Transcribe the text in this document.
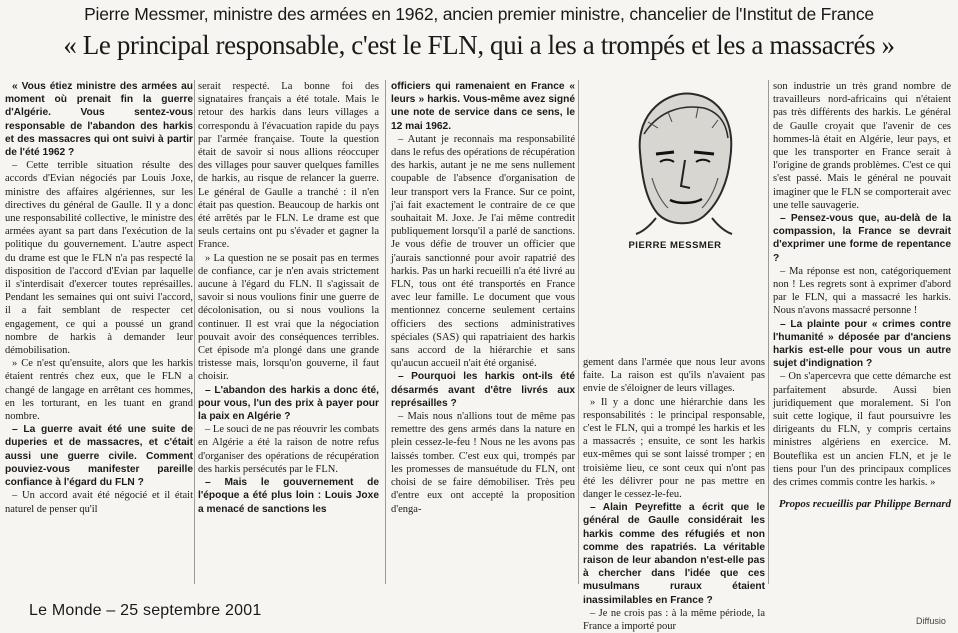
Pierre Messmer, ministre des armées en 1962, ancien premier ministre, chancelier de l'Institut de France
« Le principal responsable, c'est le FLN, qui a les a trompés et les a massacrés »

« Vous étiez ministre des armées au moment où prenait fin la guerre d'Algérie. Vous sentez-vous responsable de l'abandon des harkis et des massacres qui ont suivi à partir de l'été 1962 ?

– Cette terrible situation résulte des accords d'Evian négociés par Louis Joxe, ministre des affaires algériennes, sur les directives du général de Gaulle. Il y a donc une responsabilité collective, le ministre des armées ayant sa part dans l'exécution de la politique du gouvernement. L'autre aspect du drame est que le FLN n'a pas respecté la disposition de l'accord d'Evian par laquelle il s'interdisait d'exercer toutes représailles. Pendant les semaines qui ont suivi l'accord, il a fait semblant de respecter cet engagement, ce qui a poussé un grand nombre de harkis à demander leur démobilisation.

» Ce n'est qu'ensuite, alors que les harkis étaient rentrés chez eux, que le FLN a changé de langage en arrêtant ces hommes, en les torturant, en les tuant en grand nombre.

– La guerre avait été une suite de duperies et de massacres, et c'était aussi une guerre civile. Comment pouviez-vous manifester pareille confiance à l'égard du FLN ?

– Un accord avait été négocié et il était naturel de penser qu'il

serait respecté. La bonne foi des signataires français a été totale. Mais le retour des harkis dans leurs villages a correspondu à l'évacuation rapide du pays par l'armée française. Toute la question était de savoir si nous allions réoccuper des villages pour sauver quelques familles de harkis, au risque de relancer la guerre. Le général de Gaulle a tranché : il n'en était pas question. Beaucoup de harkis ont été arrêtés par le FLN. Le drame est que seuls certains ont pu s'évader et gagner la France.

» La question ne se posait pas en termes de confiance, car je n'en avais strictement aucune à l'égard du FLN. Il s'agissait de savoir si nous voulions finir une guerre de décolonisation, ou si nous voulions la continuer. Il est vrai que la négociation pouvait avoir des conséquences terribles. Cet épisode m'a plongé dans une grande tristesse mais, lorsqu'on gouverne, il faut choisir.

– L'abandon des harkis a donc été, pour vous, l'un des prix à payer pour la paix en Algérie ?

– Le souci de ne pas réouvrir les combats en Algérie a été la raison de notre refus d'organiser des opérations de récupération des harkis persécutés par le FLN.

– Mais le gouvernement de l'époque a été plus loin : Louis Joxe a menacé de sanctions les

officiers qui ramenaient en France « leurs » harkis. Vous-même avez signé une note de service dans ce sens, le 12 mai 1962.

– Autant je reconnais ma responsabilité dans le refus des opérations de récupération des harkis, autant je ne me sens nullement coupable de l'absence d'organisation de leur transport vers la France. Sur ce point, j'ai fait exactement le contraire de ce que souhaitait M. Joxe. Je l'ai même contredit publiquement lorsqu'il a parlé de sanctions. Je vous défie de trouver un officier que j'aurais sanctionné pour avoir rapatrié des harkis. Pas un harki recueilli n'a été livré au FLN, tous ont été transportés en France avec leur famille. Le document que vous mentionnez concerne seulement certains officiers des sections administratives spéciales (SAS) qui rapatriaient des harkis sans accord de la hiérarchie et sans qu'aucun accueil n'ait été organisé.

– Pourquoi les harkis ont-ils été désarmés avant d'être livrés aux représailles ?

– Mais nous n'allions tout de même pas remettre des gens armés dans la nature en plein cessez-le-feu ! Nous ne les avons pas laissés tomber. C'est eux qui, trompés par les promesses de mansuétude du FLN, ont choisi de se faire démobiliser. Très peu d'entre eux ont accepté la proposition d'enga-

PIERRE MESSMER

gement dans l'armée que nous leur avons faite. La raison est qu'ils n'avaient pas envie de s'éloigner de leurs villages.

» Il y a donc une hiérarchie dans les responsabilités : le principal responsable, c'est le FLN, qui a trompé les harkis et les a massacrés ; ensuite, ce sont les harkis eux-mêmes qui se sont laissé tromper ; en troisième lieu, ce sont ceux qui n'ont pas été les délivrer pour ne pas mettre en danger le cessez-le-feu.

– Alain Peyrefitte a écrit que le général de Gaulle considérait les harkis comme des réfugiés et non comme des rapatriés. La véritable raison de leur abandon n'est-elle pas à chercher dans l'idée que ces musulmans ruraux étaient inassimilables en France ?

– Je ne crois pas : à la même période, la France a importé pour

son industrie un très grand nombre de travailleurs nord-africains qui n'étaient pas très différents des harkis. Le général de Gaulle croyait que l'avenir de ces hommes-là était en Algérie, leur pays, et que les transporter en France serait à l'origine de grands problèmes. C'est ce qui s'est passé. Mais le général ne pouvait imaginer que le FLN se comporterait avec une telle sauvagerie.

– Pensez-vous que, au-delà de la compassion, la France se devrait d'exprimer une forme de repentance ?

– Ma réponse est non, catégoriquement non ! Les regrets sont à exprimer d'abord par le FLN, qui a massacré les harkis. Nous n'avons massacré personne !

– La plainte pour « crimes contre l'humanité » déposée par d'anciens harkis est-elle pour vous un autre sujet d'indignation ?

– On s'apercevra que cette démarche est parfaitement absurde. Aussi bien juridiquement que moralement. Si l'on suit cette logique, il faut poursuivre les dirigeants du FLN, y compris certains ministres algériens en exercice. M. Bouteflika est un ancien FLN, et je le tiens pour l'un des principaux complices des crimes commis contre les harkis. »

Propos recueillis par Philippe Bernard
Le Monde – 25 septembre 2001
Diffusio
